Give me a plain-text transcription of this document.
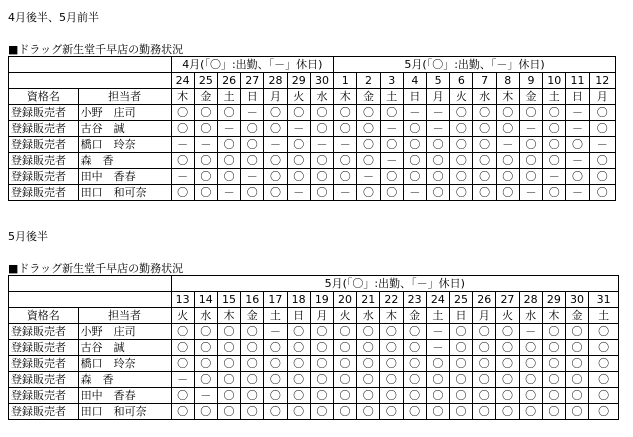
4月後半、5月前半
■ドラッグ新生堂千早店の勤務状況
		4月(「〇」:出勤、「－」休日)							5月(「〇」:出勤、「－」休日)											
		24	25	26	27	28	29	30	1	2	3	4	5	6	7	8	9	10	11	12
資格名	担当者	木	金	土	日	月	火	水	木	金	土	日	月	火	水	木	金	土	日	月
登録販売者	小野　庄司	〇	〇	〇	－	〇	〇	〇	〇	〇	〇	－	－	〇	〇	〇	〇	〇	－	〇
登録販売者	古谷　誠	〇	〇	－	〇	〇	－	〇	〇	〇	－	〇	－	〇	〇	〇	－	〇	－	〇
登録販売者	橋口　玲奈	－	－	〇	〇	－	〇	－	－	〇	〇	〇	〇	〇	〇	－	〇	〇	〇	－
登録販売者	森　香	〇	〇	〇	〇	〇	〇	〇	〇	〇	－	〇	〇	〇	〇	〇	〇	〇	－	〇
登録販売者	田中　香春	－	〇	〇	－	〇	〇	〇	〇	－	〇	〇	〇	〇	〇	〇	〇	－	〇	〇
登録販売者	田口　和可奈	〇	〇	－	〇	〇	－	〇	－	〇	〇	－	〇	〇	〇	〇	－	〇	－	〇
5月後半
■ドラッグ新生堂千早店の勤務状況
		5月(「〇」:出勤、「－」休日)																		
		13	14	15	16	17	18	19	20	21	22	23	24	25	26	27	28	29	30	31
資格名	担当者	火	水	木	金	土	日	月	火	水	木	金	土	日	月	火	水	木	金	土
登録販売者	小野　庄司	〇	〇	〇	〇	－	〇	〇	〇	〇	〇	〇	－	〇	〇	〇	－	〇	〇	〇
登録販売者	古谷　誠	〇	〇	〇	〇	〇	〇	〇	〇	〇	〇	〇	－	〇	〇	〇	〇	〇	〇	〇
登録販売者	橋口　玲奈	〇	〇	〇	〇	〇	〇	〇	〇	〇	〇	〇	〇	〇	〇	〇	〇	〇	〇	〇
登録販売者	森　香	－	〇	〇	〇	〇	〇	〇	〇	〇	〇	〇	〇	〇	〇	〇	〇	〇	〇	〇
登録販売者	田中　香春	〇	－	〇	〇	〇	〇	〇	〇	〇	〇	〇	〇	〇	〇	〇	〇	〇	〇	〇
登録販売者	田口　和可奈	〇	〇	〇	〇	〇	〇	〇	〇	〇	〇	〇	〇	〇	〇	〇	〇	〇	〇	〇
